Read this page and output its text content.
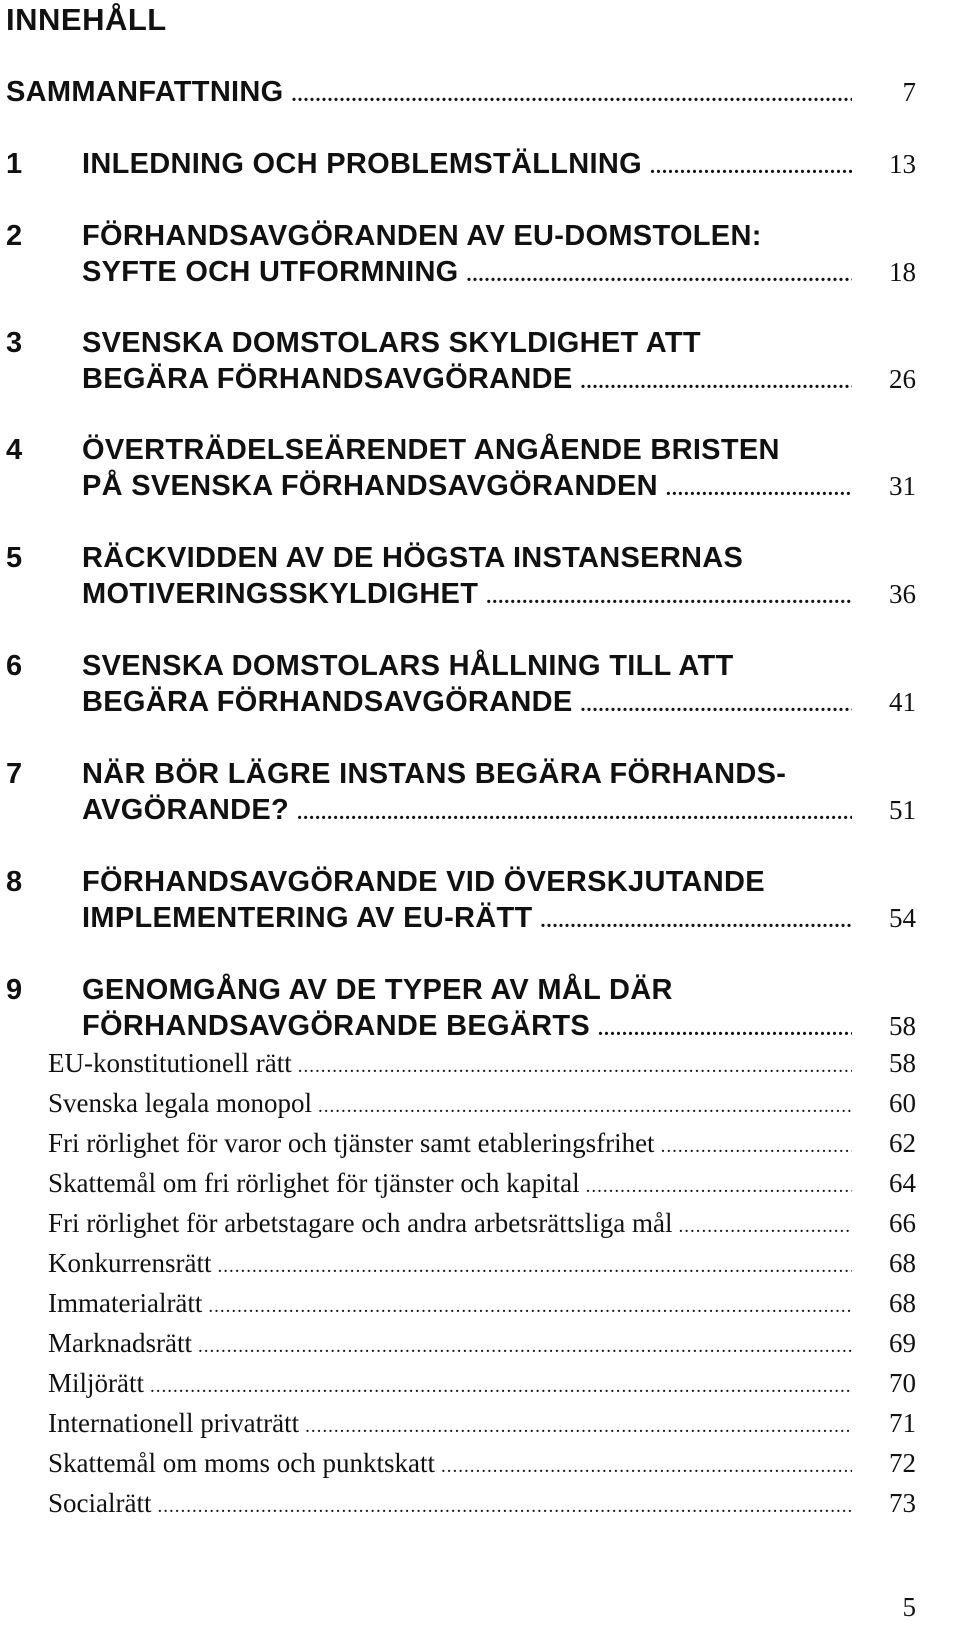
INNEHÅLL
SAMMANFATTNING .....	7
1 INLEDNING OCH PROBLEMSTÄLLNING .....	13
2 FÖRHANDSAVGÖRANDEN AV EU-DOMSTOLEN:
SYFTE OCH UTFORMNING .....	18
3 SVENSKA DOMSTOLARS SKYLDIGHET ATT
BEGÄRA FÖRHANDSAVGÖRANDE .....	26
4 ÖVERTRÄDELSEÄRENDET ANGÅENDE BRISTEN
PÅ SVENSKA FÖRHANDSAVGÖRANDEN .....	31
5 RÄCKVIDDEN AV DE HÖGSTA INSTANSERNAS
MOTIVERINGSSKYLDIGHET .....	36
6 SVENSKA DOMSTOLARS HÅLLNING TILL ATT
BEGÄRA FÖRHANDSAVGÖRANDE .....	41
7 NÄR BÖR LÄGRE INSTANS BEGÄRA FÖRHANDS-
AVGÖRANDE? .....	51
8 FÖRHANDSAVGÖRANDE VID ÖVERSKJUTANDE
IMPLEMENTERING AV EU-RÄTT .....	54
9 GENOMGÅNG AV DE TYPER AV MÅL DÄR
FÖRHANDSAVGÖRANDE BEGÄRTS .....	58
EU-konstitutionell rätt .....	58
Svenska legala monopol .....	60
Fri rörlighet för varor och tjänster samt etableringsfrihet .....	62
Skattemål om fri rörlighet för tjänster och kapital .....	64
Fri rörlighet för arbetstagare och andra arbetsrättsliga mål .....	66
Konkurrensrätt .....	68
Immaterialrätt .....	68
Marknadsrätt .....	69
Miljörätt .....	70
Internationell privaträtt .....	71
Skattemål om moms och punktskatt .....	72
Socialrätt .....	73
5
